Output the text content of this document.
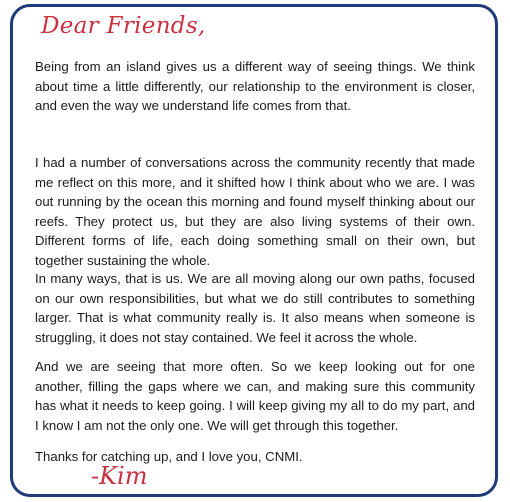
Dear Friends,

Being from an island gives us a different way of seeing things. We think about time a little differently, our relationship to the environment is closer, and even the way we understand life comes from that.

I had a number of conversations across the community recently that made me reflect on this more, and it shifted how I think about who we are. I was out running by the ocean this morning and found myself thinking about our reefs. They protect us, but they are also living systems of their own. Different forms of life, each doing something small on their own, but together sustaining the whole.

In many ways, that is us. We are all moving along our own paths, focused on our own responsibilities, but what we do still contributes to something larger. That is what community really is. It also means when someone is struggling, it does not stay contained. We feel it across the whole.

And we are seeing that more often. So we keep looking out for one another, filling the gaps where we can, and making sure this community has what it needs to keep going. I will keep giving my all to do my part, and I know I am not the only one. We will get through this together.

Thanks for catching up, and I love you, CNMI.

-Kim
